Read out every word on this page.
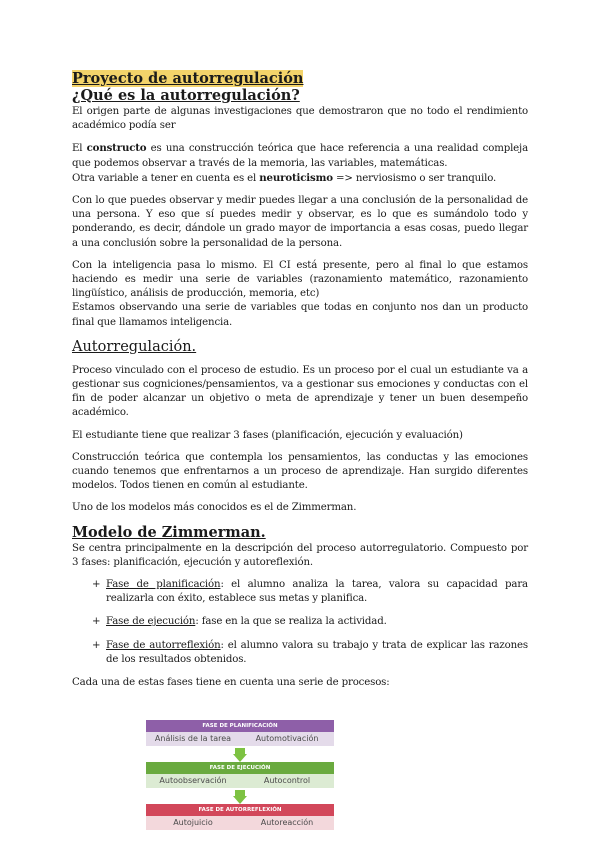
Proyecto de autorregulación
¿Qué es la autorregulación?

El origen parte de algunas investigaciones que demostraron que no todo el rendimiento académico podía ser

El constructo es una construcción teórica que hace referencia a una realidad compleja que podemos observar a través de la memoria, las variables, matemáticas.

Otra variable a tener en cuenta es el neuroticismo => nerviosismo o ser tranquilo.

Con lo que puedes observar y medir puedes llegar a una conclusión de la personalidad de una persona. Y eso que sí puedes medir y observar, es lo que es sumándolo todo y ponderando, es decir, dándole un grado mayor de importancia a esas cosas, puedo llegar a una conclusión sobre la personalidad de la persona.

Con la inteligencia pasa lo mismo. El CI está presente, pero al final lo que estamos haciendo es medir una serie de variables (razonamiento matemático, razonamiento lingüístico, análisis de producción, memoria, etc)

Estamos observando una serie de variables que todas en conjunto nos dan un producto final que llamamos inteligencia.

Autorregulación.

Proceso vinculado con el proceso de estudio. Es un proceso por el cual un estudiante va a gestionar sus cogniciones/pensamientos, va a gestionar sus emociones y conductas con el fin de poder alcanzar un objetivo o meta de aprendizaje y tener un buen desempeño académico.

El estudiante tiene que realizar 3 fases (planificación, ejecución y evaluación)

Construcción teórica que contempla los pensamientos, las conductas y las emociones cuando tenemos que enfrentarnos a un proceso de aprendizaje. Han surgido diferentes modelos. Todos tienen en común al estudiante.

Uno de los modelos más conocidos es el de Zimmerman.

Modelo de Zimmerman.

Se centra principalmente en la descripción del proceso autorregulatorio. Compuesto por 3 fases: planificación, ejecución y autoreflexión.

+ Fase de planificación: el alumno analiza la tarea, valora su capacidad para realizarla con éxito, establece sus metas y planifica.
+ Fase de ejecución: fase en la que se realiza la actividad.
+ Fase de autorreflexión: el alumno valora su trabajo y trata de explicar las razones de los resultados obtenidos.

Cada una de estas fases tiene en cuenta una serie de procesos:

FASE DE PLANIFICACIÓN
Análisis de la tarea	Automotivación
FASE DE EJECUCIÓN
Autoobservación	Autocontrol
FASE DE AUTORREFLEXIÓN
Autojuicio	Autoreacción
